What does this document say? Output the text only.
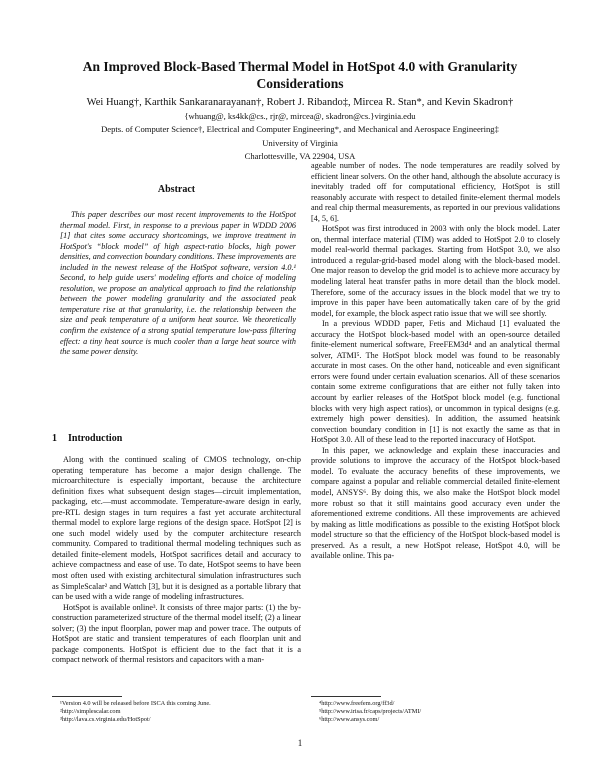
An Improved Block-Based Thermal Model in HotSpot 4.0 with Granularity Considerations
Wei Huang†, Karthik Sankaranarayanan†, Robert J. Ribando‡, Mircea R. Stan*, and Kevin Skadron†
{whuang@, ks4kk@cs., rjr@, mircea@, skadron@cs.}virginia.edu
Depts. of Computer Science†, Electrical and Computer Engineering*, and Mechanical and Aerospace Engineering‡
University of Virginia
Charlottesville, VA 22904, USA
Abstract

This paper describes our most recent improvements to the HotSpot thermal model. First, in response to a previous paper in WDDD 2006 [1] that cites some accuracy shortcomings, we improve treatment in HotSpot's “block model” of high aspect-ratio blocks, high power densities, and convection boundary conditions. These improvements are included in the newest release of the HotSpot software, version 4.0.¹ Second, to help guide users' modeling efforts and choice of modeling resolution, we propose an analytical approach to find the relationship between the power modeling granularity and the associated peak temperature rise at that granularity, i.e. the relationship between the size and peak temperature of a uniform heat source. We theoretically confirm the existence of a strong spatial temperature low-pass filtering effect: a tiny heat source is much cooler than a large heat source with the same power density.

1 Introduction

Along with the continued scaling of CMOS technology, on-chip operating temperature has become a major design challenge. The microarchitecture is especially important, because the architecture definition fixes what subsequent design stages—circuit implementation, packaging, etc.—must accommodate. Temperature-aware design in early, pre-RTL design stages in turn requires a fast yet accurate architectural thermal model to explore large regions of the design space. HotSpot [2] is one such model widely used by the computer architecture research community. Compared to traditional thermal modeling techniques such as detailed finite-element models, HotSpot sacrifices detail and accuracy to achieve compactness and ease of use. To date, HotSpot seems to have been most often used with existing architectural simulation infrastructures such as SimpleScalar² and Wattch [3], but it is designed as a portable library that can be used with a wide range of modeling infrastructures.

HotSpot is available online³. It consists of three major parts: (1) the by-construction parameterized structure of the thermal model itself; (2) a linear solver; (3) the input floorplan, power map and power trace. The outputs of HotSpot are static and transient temperatures of each floorplan unit and package components. HotSpot is efficient due to the fact that it is a compact network of thermal resistors and capacitors with a man-

ageable number of nodes. The node temperatures are readily solved by efficient linear solvers. On the other hand, although the absolute accuracy is inevitably traded off for computational efficiency, HotSpot is still reasonably accurate with respect to detailed finite-element thermal models and real chip thermal measurements, as reported in our previous validations [4, 5, 6].

HotSpot was first introduced in 2003 with only the block model. Later on, thermal interface material (TIM) was added to HotSpot 2.0 to closely model real-world thermal packages. Starting from HotSpot 3.0, we also introduced a regular-grid-based model along with the block-based model. One major reason to develop the grid model is to achieve more accuracy by modeling lateral heat transfer paths in more detail than the block model. Therefore, some of the accuracy issues in the block model that we try to improve in this paper have been automatically taken care of by the grid model, for example, the block aspect ratio issue that we will see shortly.

In a previous WDDD paper, Fetis and Michaud [1] evaluated the accuracy the HotSpot block-based model with an open-source detailed finite-element numerical software, FreeFEM3d⁴ and an analytical thermal solver, ATMI⁵. The HotSpot block model was found to be reasonably accurate in most cases. On the other hand, noticeable and even significant errors were found under certain evaluation scenarios. All of these scenarios contain some extreme configurations that are either not fully taken into account by earlier releases of the HotSpot block model (e.g. functional blocks with very high aspect ratios), or uncommon in typical designs (e.g. extremely high power densities). In addition, the assumed heatsink convection boundary condition in [1] is not exactly the same as that in HotSpot 3.0. All of these lead to the reported inaccuracy of HotSpot.

In this paper, we acknowledge and explain these inaccuracies and provide solutions to improve the accuracy of the HotSpot block-based model. To evaluate the accuracy benefits of these improvements, we compare against a popular and reliable commercial detailed finite-element model, ANSYS⁶. By doing this, we also make the HotSpot block model more robust so that it still maintains good accuracy even under the aforementioned extreme conditions. All these improvements are achieved by making as little modifications as possible to the existing HotSpot block model structure so that the efficiency of the HotSpot block-based model is preserved. As a result, a new HotSpot release, HotSpot 4.0, will be available online. This pa-

¹Version 4.0 will be released before ISCA this coming June.
²http://simplescalar.com
³http://lava.cs.virginia.edu/HotSpot/
⁴http://www.freefem.org/ff3d/
⁵http://www.irisa.fr/caps/projects/ATMI/
⁶http://www.ansys.com/
1
